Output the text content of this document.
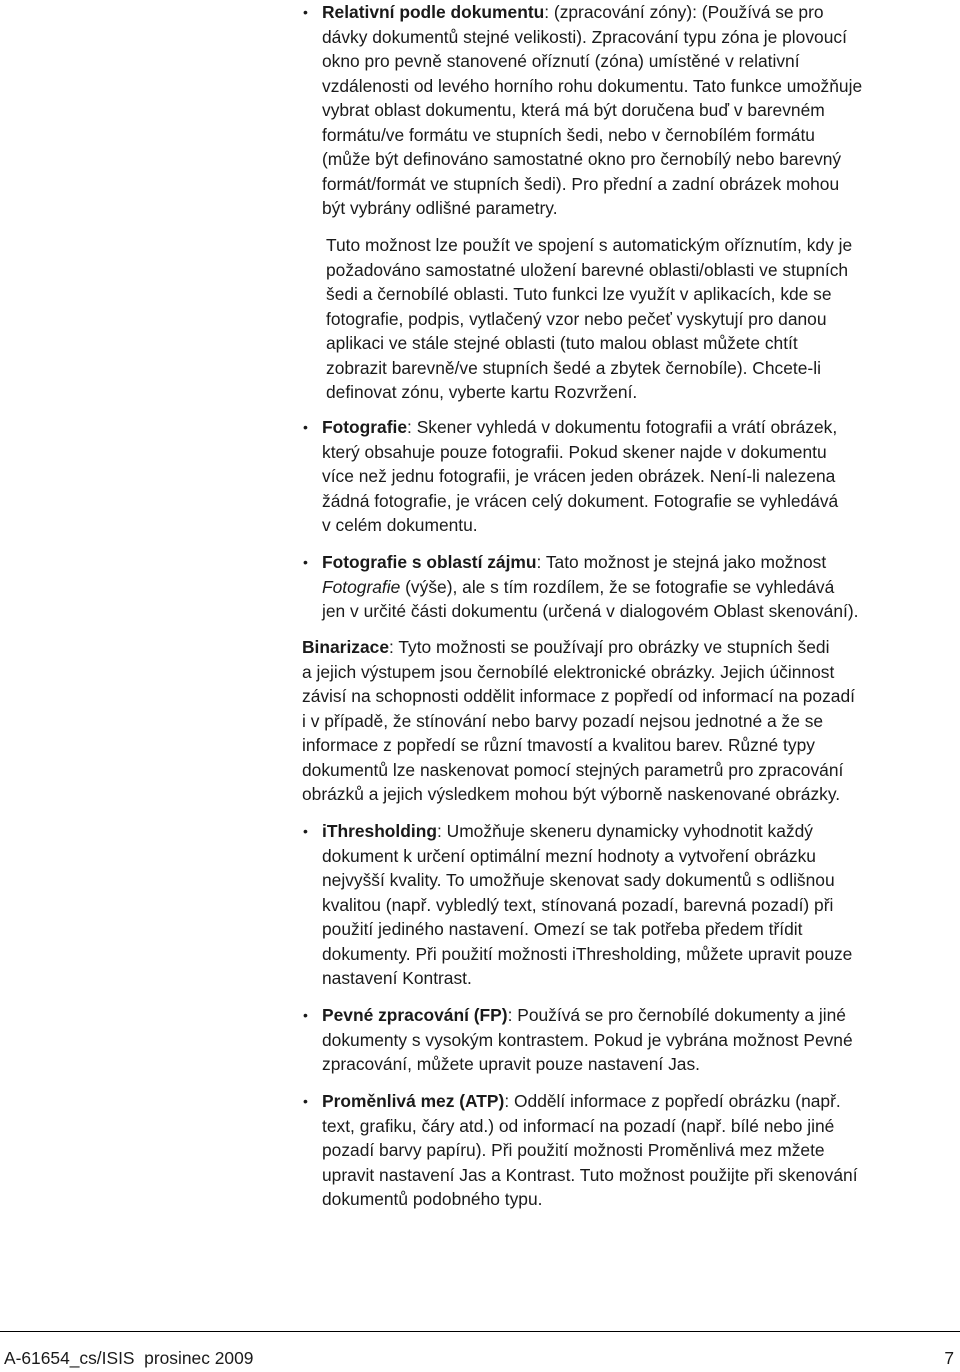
• Relativní podle dokumentu: (zpracování zóny): (Používá se pro
dávky dokumentů stejné velikosti). Zpracování typu zóna je plovoucí
okno pro pevně stanovené oříznutí (zóna) umístěné v relativní
vzdálenosti od levého horního rohu dokumentu. Tato funkce umožňuje
vybrat oblast dokumentu, která má být doručena buď v barevném
formátu/ve formátu ve stupních šedi, nebo v černobílém formátu
(může být definováno samostatné okno pro černobílý nebo barevný
formát/formát ve stupních šedi). Pro přední a zadní obrázek mohou
být vybrány odlišné parametry.
Tuto možnost lze použít ve spojení s automatickým oříznutím, kdy je
požadováno samostatné uložení barevné oblasti/oblasti ve stupních
šedi a černobílé oblasti. Tuto funkci lze využít v aplikacích, kde se
fotografie, podpis, vytlačený vzor nebo pečeť vyskytují pro danou
aplikaci ve stále stejné oblasti (tuto malou oblast můžete chtít
zobrazit barevně/ve stupních šedé a zbytek černobíle). Chcete-li
definovat zónu, vyberte kartu Rozvržení.
• Fotografie: Skener vyhledá v dokumentu fotografii a vrátí obrázek,
který obsahuje pouze fotografii. Pokud skener najde v dokumentu
více než jednu fotografii, je vrácen jeden obrázek. Není-li nalezena
žádná fotografie, je vrácen celý dokument. Fotografie se vyhledává
v celém dokumentu.
• Fotografie s oblastí zájmu: Tato možnost je stejná jako možnost
Fotografie (výše), ale s tím rozdílem, že se fotografie se vyhledává
jen v určité části dokumentu (určená v dialogovém Oblast skenování).
Binarizace: Tyto možnosti se používají pro obrázky ve stupních šedi
a jejich výstupem jsou černobílé elektronické obrázky. Jejich účinnost
závisí na schopnosti oddělit informace z popředí od informací na pozadí
i v případě, že stínování nebo barvy pozadí nejsou jednotné a že se
informace z popředí se různí tmavostí a kvalitou barev. Různé typy
dokumentů lze naskenovat pomocí stejných parametrů pro zpracování
obrázků a jejich výsledkem mohou být výborně naskenované obrázky.
• iThresholding: Umožňuje skeneru dynamicky vyhodnotit každý
dokument k určení optimální mezní hodnoty a vytvoření obrázku
nejvyšší kvality. To umožňuje skenovat sady dokumentů s odlišnou
kvalitou (např. vybledlý text, stínovaná pozadí, barevná pozadí) při
použití jediného nastavení. Omezí se tak potřeba předem třídit
dokumenty. Při použití možnosti iThresholding, můžete upravit pouze
nastavení Kontrast.
• Pevné zpracování (FP): Používá se pro černobílé dokumenty a jiné
dokumenty s vysokým kontrastem. Pokud je vybrána možnost Pevné
zpracování, můžete upravit pouze nastavení Jas.
• Proměnlivá mez (ATP): Oddělí informace z popředí obrázku (např.
text, grafiku, čáry atd.) od informací na pozadí (např. bílé nebo jiné
pozadí barvy papíru). Při použití možnosti Proměnlivá mez mžete
upravit nastavení Jas a Kontrast. Tuto možnost použijte při skenování
dokumentů podobného typu.
A-61654_cs/ISIS  prosinec 2009	7
